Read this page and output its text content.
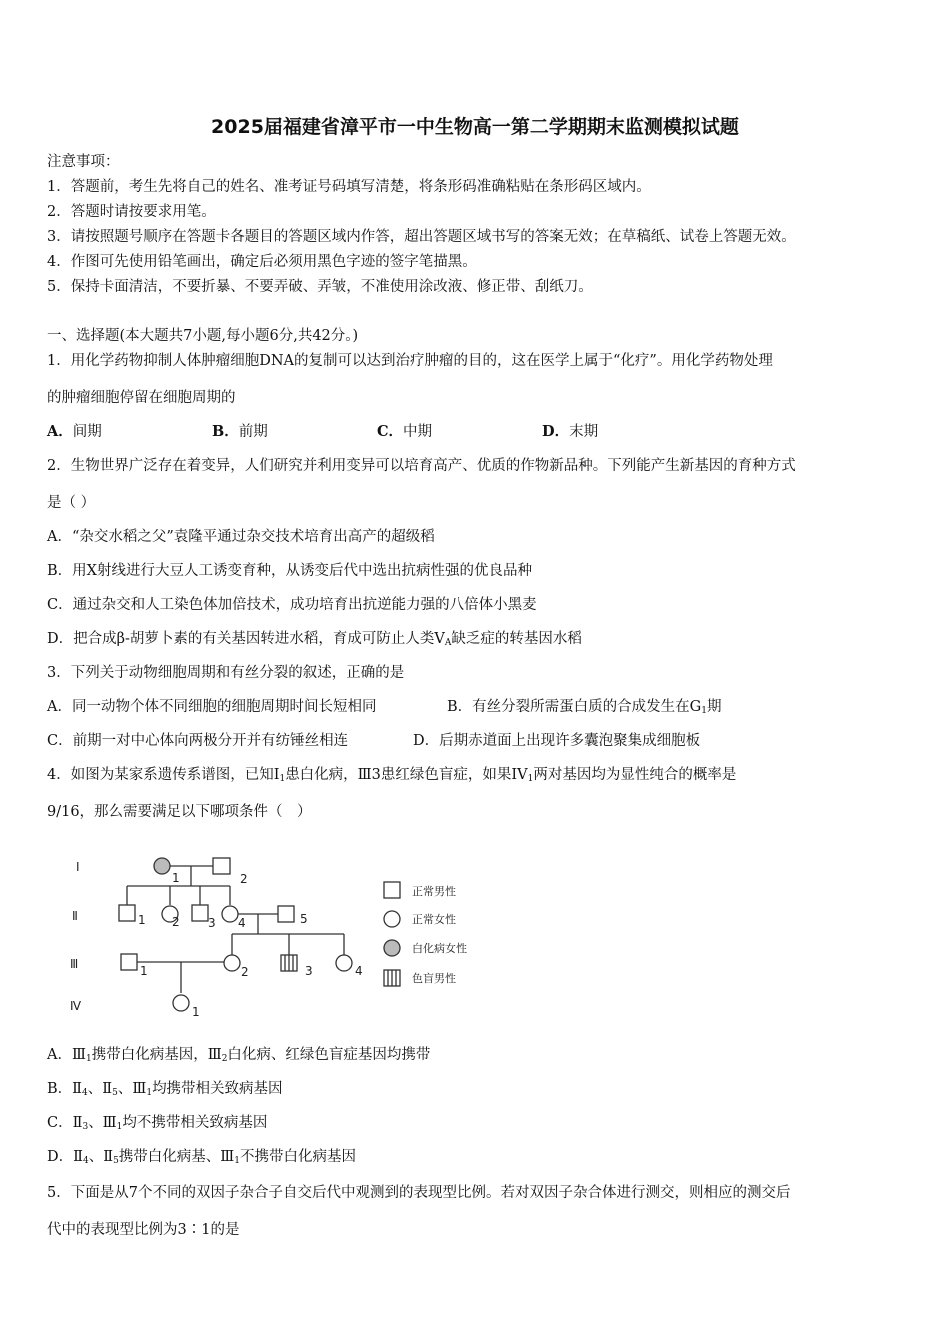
2025届福建省漳平市一中生物高一第二学期期末监测模拟试题
注意事项：
1．答题前，考生先将自己的姓名、准考证号码填写清楚，将条形码准确粘贴在条形码区域内。
2．答题时请按要求用笔。
3．请按照题号顺序在答题卡各题目的答题区域内作答，超出答题区域书写的答案无效；在草稿纸、试卷上答题无效。
4．作图可先使用铅笔画出，确定后必须用黑色字迹的签字笔描黑。
5．保持卡面清洁，不要折暴、不要弄破、弄皱，不准使用涂改液、修正带、刮纸刀。
一、选择题(本大题共7小题,每小题6分,共42分。)
1．用化学药物抑制人体肿瘤细胞DNA的复制可以达到治疗肿瘤的目的，这在医学上属于“化疗”。用化学药物处理
的肿瘤细胞停留在细胞周期的
A．间期	B．前期	C．中期	D．末期
2．生物世界广泛存在着变异，人们研究并利用变异可以培育高产、优质的作物新品种。下列能产生新基因的育种方式
是（ ）
A．“杂交水稻之父”袁隆平通过杂交技术培育出高产的超级稻
B．用X射线进行大豆人工诱变育种，从诱变后代中选出抗病性强的优良品种
C．通过杂交和人工染色体加倍技术，成功培育出抗逆能力强的八倍体小黑麦
D．把合成β-胡萝卜素的有关基因转进水稻，育成可防止人类$V_A$缺乏症的转基因水稻
3．下列关于动物细胞周期和有丝分裂的叙述，正确的是
A．同一动物个体不同细胞的细胞周期时间长短相同	B．有丝分裂所需蛋白质的合成发生在$G_1$期
C．前期一对中心体向两极分开并有纺锤丝相连	D．后期赤道面上出现许多囊泡聚集成细胞板
4．如图为某家系遗传系谱图，已知$Ⅰ_1$患白化病，Ⅲ3患红绿色盲症，如果$IV_1$两对基因均为显性纯合的概率是
9/16，那么需要满足以下哪项条件（　）
Ⅰ
Ⅱ
Ⅲ
Ⅳ
1	2
1 2 3 4	5
1	2	3	4
1
正常男性
正常女性
白化病女性
色盲男性
A．$Ⅲ_1$携带白化病基因，$Ⅲ_2$白化病、红绿色盲症基因均携带
B．$Ⅱ_4$、$Ⅱ_5$、$Ⅲ_1$均携带相关致病基因
C．$Ⅱ_3$、$Ⅲ_1$均不携带相关致病基因
D．$Ⅱ_4$、$Ⅱ_5$携带白化病基、$Ⅲ_1$不携带白化病基因
5．下面是从7个不同的双因子杂合子自交后代中观测到的表现型比例。若对双因子杂合体进行测交，则相应的测交后
代中的表现型比例为3∶1的是
